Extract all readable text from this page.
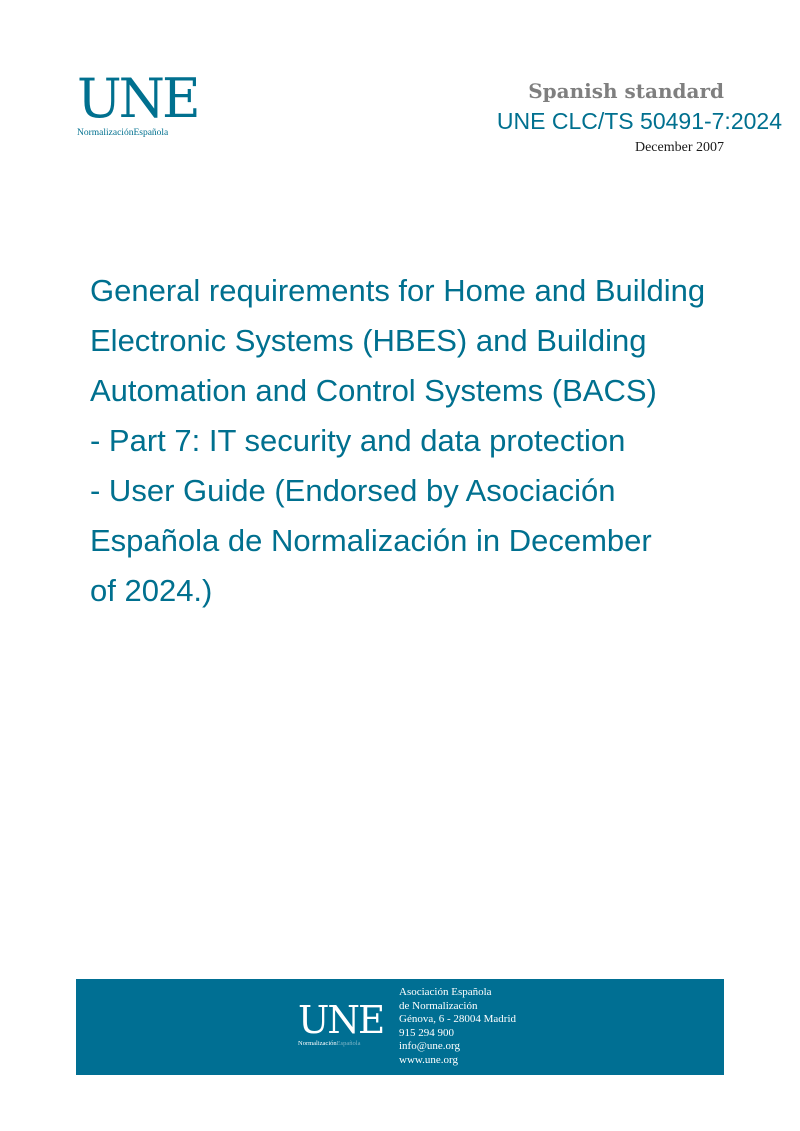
UNE
NormalizaciónEspañola
Spanish standard
UNE CLC/TS 50491-7:2024
December 2007
General requirements for Home and Building
Electronic Systems (HBES) and Building
Automation and Control Systems (BACS)
- Part 7: IT security and data protection
- User Guide (Endorsed by Asociación
Española de Normalización in December
of 2024.)
UNE
NormalizaciónEspañola
Asociación Española
de Normalización
Génova, 6 - 28004 Madrid
915 294 900
info@une.org
www.une.org
